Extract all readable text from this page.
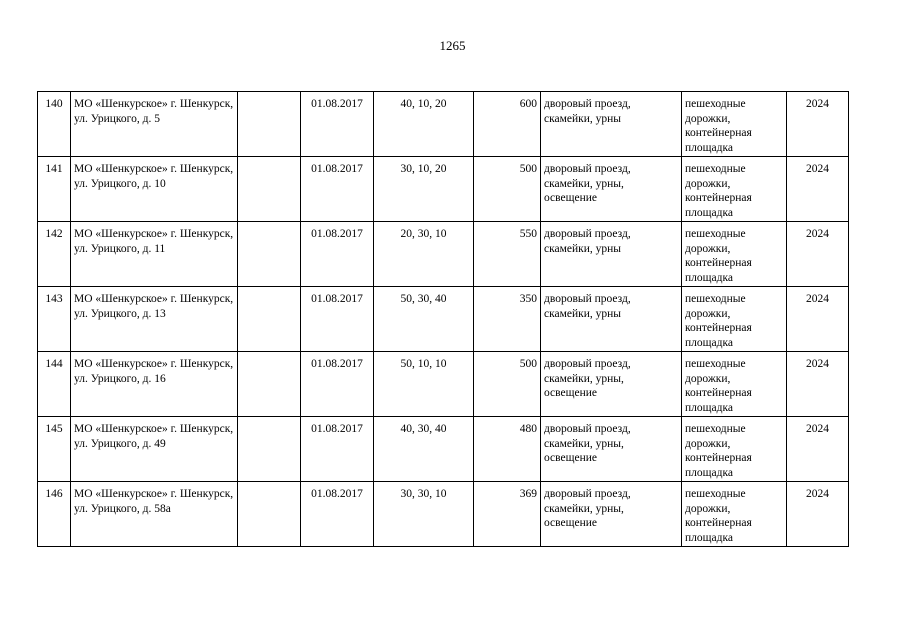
1265
140	МО «Шенкурское» г. Шенкурск, ул. Урицкого, д. 5		01.08.2017	40, 10, 20	600	дворовый проезд, скамейки, урны	пешеходные дорожки, контейнерная площадка	2024
141	МО «Шенкурское» г. Шенкурск, ул. Урицкого, д. 10		01.08.2017	30, 10, 20	500	дворовый проезд, скамейки, урны, освещение	пешеходные дорожки, контейнерная площадка	2024
142	МО «Шенкурское» г. Шенкурск, ул. Урицкого, д. 11		01.08.2017	20, 30, 10	550	дворовый проезд, скамейки, урны	пешеходные дорожки, контейнерная площадка	2024
143	МО «Шенкурское» г. Шенкурск, ул. Урицкого, д. 13		01.08.2017	50, 30, 40	350	дворовый проезд, скамейки, урны	пешеходные дорожки, контейнерная площадка	2024
144	МО «Шенкурское» г. Шенкурск, ул. Урицкого, д. 16		01.08.2017	50, 10, 10	500	дворовый проезд, скамейки, урны, освещение	пешеходные дорожки, контейнерная площадка	2024
145	МО «Шенкурское» г. Шенкурск, ул. Урицкого, д. 49		01.08.2017	40, 30, 40	480	дворовый проезд, скамейки, урны, освещение	пешеходные дорожки, контейнерная площадка	2024
146	МО «Шенкурское» г. Шенкурск, ул. Урицкого, д. 58а		01.08.2017	30, 30, 10	369	дворовый проезд, скамейки, урны, освещение	пешеходные дорожки, контейнерная площадка	2024
